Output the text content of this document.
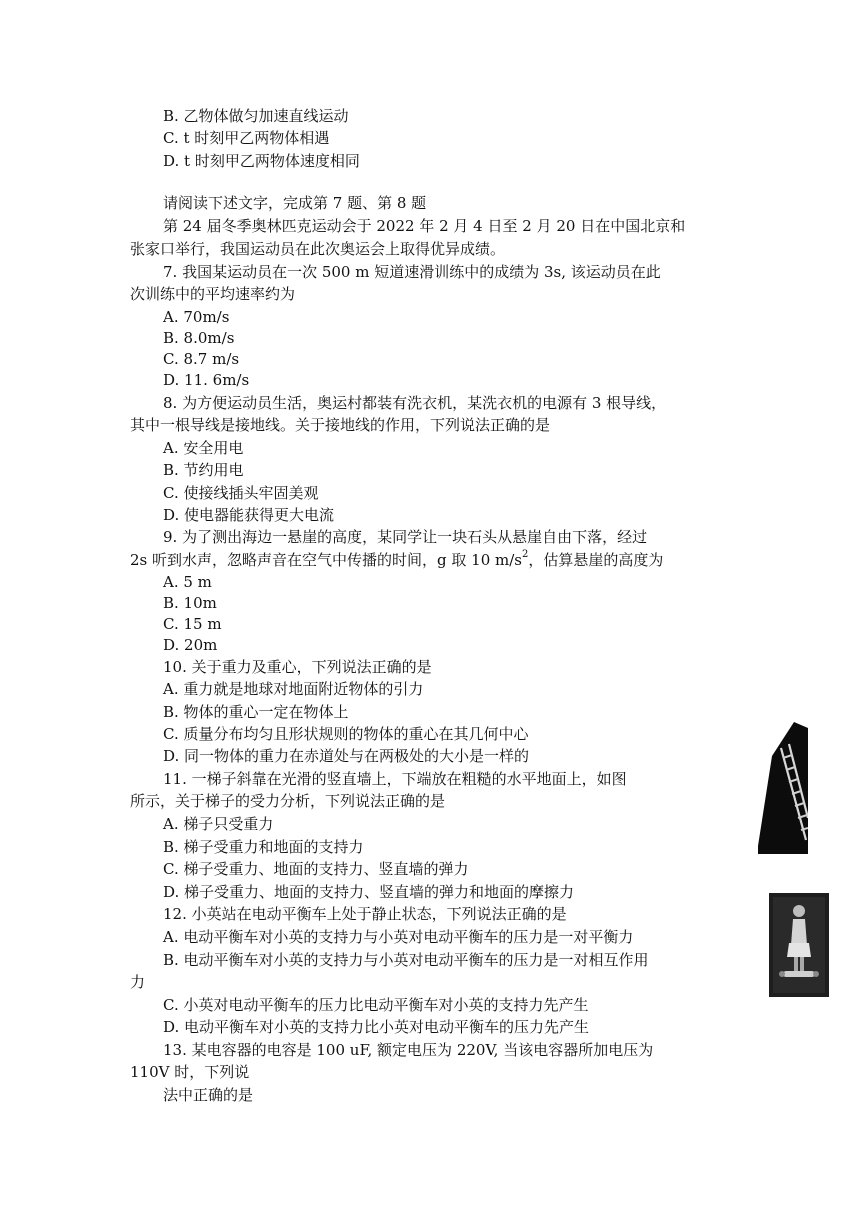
B. 乙物体做匀加速直线运动
C. t 时刻甲乙两物体相遇
D. t 时刻甲乙两物体速度相同
请阅读下述文字，完成第 7 题、第 8 题
第 24 届冬季奥林匹克运动会于 2022 年 2 月 4 日至 2 月 20 日在中国北京和
张家口举行，我国运动员在此次奥运会上取得优异成绩。
7. 我国某运动员在一次 500 m 短道速滑训练中的成绩为 3s, 该运动员在此
次训练中的平均速率约为
A. 70m/s
B. 8.0m/s
C. 8.7 m/s
D. 11. 6m/s
8. 为方便运动员生活，奥运村都装有洗衣机，某洗衣机的电源有 3 根导线，
其中一根导线是接地线。关于接地线的作用，下列说法正确的是
A. 安全用电
B. 节约用电
C. 使接线插头牢固美观
D. 使电器能获得更大电流
9. 为了测出海边一悬崖的高度，某同学让一块石头从悬崖自由下落，经过
2s 听到水声，忽略声音在空气中传播的时间，g 取 10 $m/s^2$，估算悬崖的高度为
A. 5 m
B. 10m
C. 15 m
D. 20m
10. 关于重力及重心，下列说法正确的是
A. 重力就是地球对地面附近物体的引力
B. 物体的重心一定在物体上
C. 质量分布均匀且形状规则的物体的重心在其几何中心
D. 同一物体的重力在赤道处与在两极处的大小是一样的
11. 一梯子斜靠在光滑的竖直墙上，下端放在粗糙的水平地面上，如图
所示，关于梯子的受力分析，下列说法正确的是
A. 梯子只受重力
B. 梯子受重力和地面的支持力
C. 梯子受重力、地面的支持力、竖直墙的弹力
D. 梯子受重力、地面的支持力、竖直墙的弹力和地面的摩擦力
12. 小英站在电动平衡车上处于静止状态，下列说法正确的是
A. 电动平衡车对小英的支持力与小英对电动平衡车的压力是一对平衡力
B. 电动平衡车对小英的支持力与小英对电动平衡车的压力是一对相互作用
力
C. 小英对电动平衡车的压力比电动平衡车对小英的支持力先产生
D. 电动平衡车对小英的支持力比小英对电动平衡车的压力先产生
13. 某电容器的电容是 100 uF, 额定电压为 220V, 当该电容器所加电压为
110V 时，下列说
法中正确的是
